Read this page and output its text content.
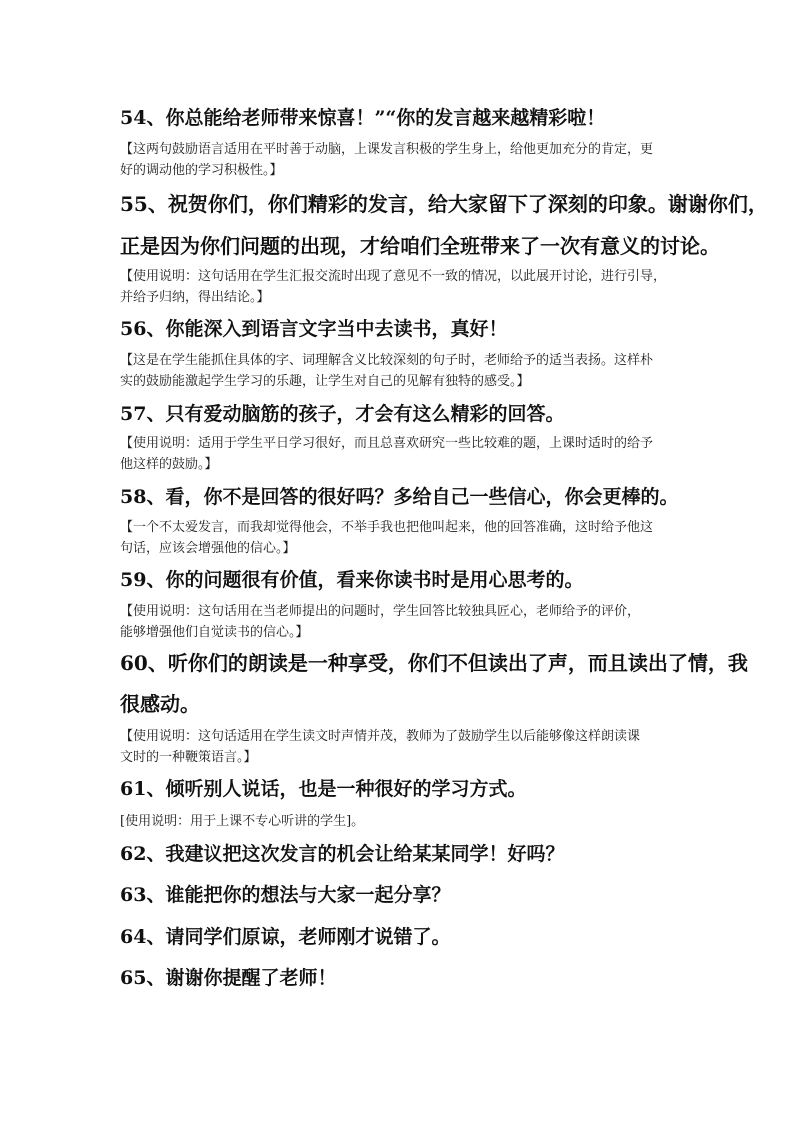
54、你总能给老师带来惊喜！”“你的发言越来越精彩啦！
【这两句鼓励语言适用在平时善于动脑，上课发言积极的学生身上，给他更加充分的肯定，更
好的调动他的学习积极性。】
55、祝贺你们，你们精彩的发言，给大家留下了深刻的印象。谢谢你们，
正是因为你们问题的出现，才给咱们全班带来了一次有意义的讨论。
【使用说明：这句话用在学生汇报交流时出现了意见不一致的情况，以此展开讨论，进行引导，
并给予归纳，得出结论。】
56、你能深入到语言文字当中去读书，真好！
【这是在学生能抓住具体的字、词理解含义比较深刻的句子时，老师给予的适当表扬。这样朴
实的鼓励能激起学生学习的乐趣，让学生对自己的见解有独特的感受。】
57、只有爱动脑筋的孩子，才会有这么精彩的回答。
【使用说明：适用于学生平日学习很好，而且总喜欢研究一些比较难的题，上课时适时的给予
他这样的鼓励。】
58、看，你不是回答的很好吗？多给自己一些信心，你会更棒的。
【一个不太爱发言，而我却觉得他会，不举手我也把他叫起来，他的回答准确，这时给予他这
句话，应该会增强他的信心。】
59、你的问题很有价值，看来你读书时是用心思考的。
【使用说明：这句话用在当老师提出的问题时，学生回答比较独具匠心，老师给予的评价，
能够增强他们自觉读书的信心。】
60、听你们的朗读是一种享受，你们不但读出了声，而且读出了情，我
很感动。
【使用说明：这句话适用在学生读文时声情并茂，教师为了鼓励学生以后能够像这样朗读课
文时的一种鞭策语言。】
61、倾听别人说话，也是一种很好的学习方式。
[使用说明：用于上课不专心听讲的学生]。
62、我建议把这次发言的机会让给某某同学！好吗？
63、谁能把你的想法与大家一起分享？
64、请同学们原谅，老师刚才说错了。
65、谢谢你提醒了老师！
